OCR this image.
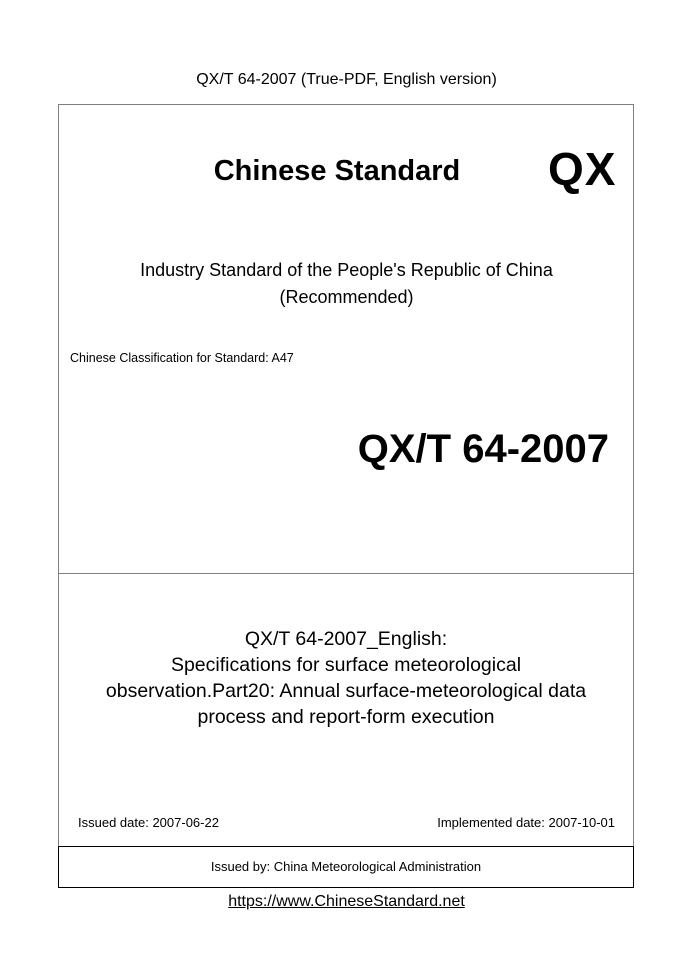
QX/T 64-2007 (True-PDF, English version)
Chinese Standard	QX
Industry Standard of the People's Republic of China
(Recommended)
Chinese Classification for Standard: A47
QX/T 64-2007
QX/T 64-2007_English:
Specifications for surface meteorological
observation.Part20: Annual surface-meteorological data
process and report-form execution
Issued date: 2007-06-22	Implemented date: 2007-10-01
Issued by: China Meteorological Administration
https://www.ChineseStandard.net
